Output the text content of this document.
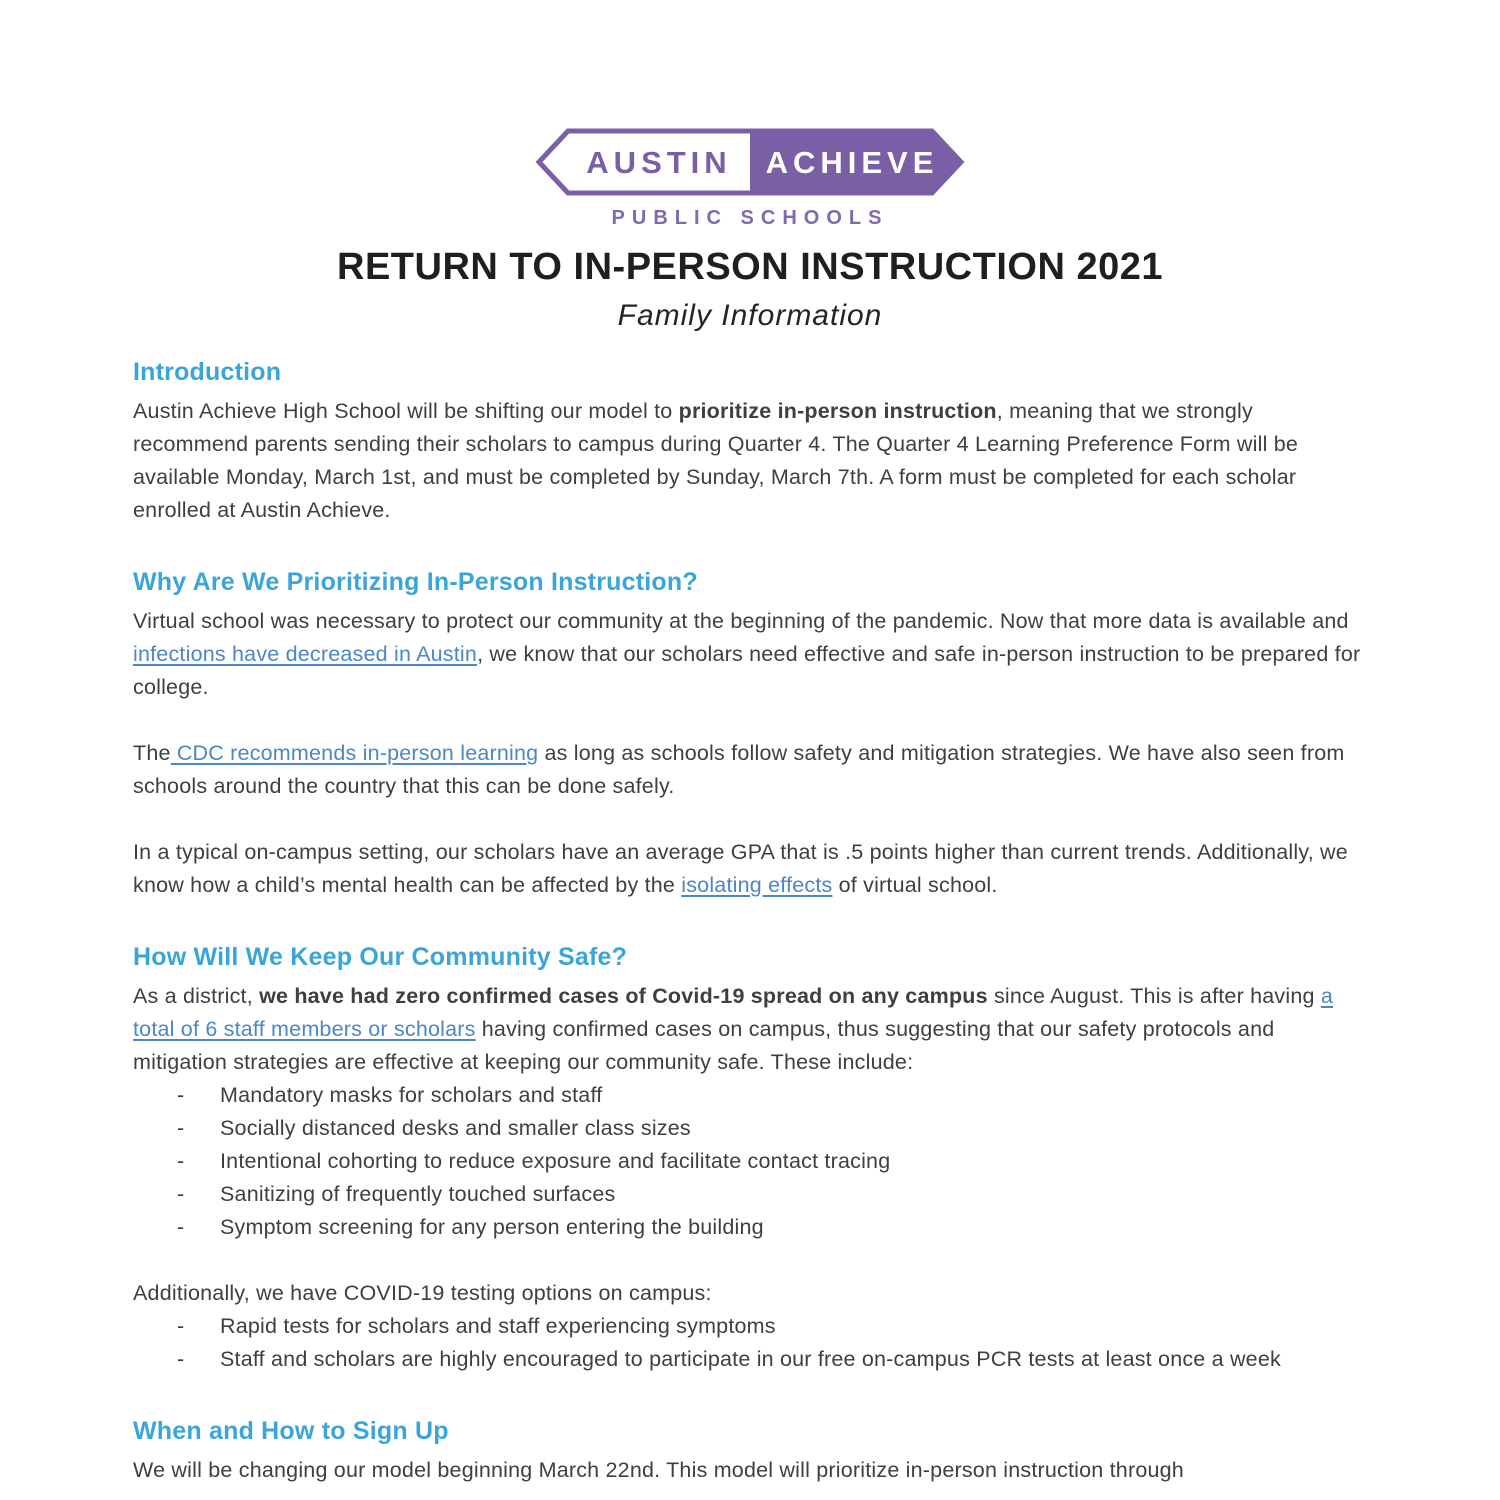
AUSTIN ACHIEVE
PUBLIC SCHOOLS
RETURN TO IN-PERSON INSTRUCTION 2021
Family Information
Introduction

Austin Achieve High School will be shifting our model to prioritize in-person instruction, meaning that we strongly recommend parents sending their scholars to campus during Quarter 4. The Quarter 4 Learning Preference Form will be available Monday, March 1st, and must be completed by Sunday, March 7th. A form must be completed for each scholar enrolled at Austin Achieve.

Why Are We Prioritizing In-Person Instruction?

Virtual school was necessary to protect our community at the beginning of the pandemic. Now that more data is available and infections have decreased in Austin, we know that our scholars need effective and safe in-person instruction to be prepared for college.

The CDC recommends in-person learning as long as schools follow safety and mitigation strategies. We have also seen from schools around the country that this can be done safely.

In a typical on-campus setting, our scholars have an average GPA that is .5 points higher than current trends. Additionally, we know how a child’s mental health can be affected by the isolating effects of virtual school.

How Will We Keep Our Community Safe?

As a district, we have had zero confirmed cases of Covid-19 spread on any campus since August. This is after having a total of 6 staff members or scholars having confirmed cases on campus, thus suggesting that our safety protocols and mitigation strategies are effective at keeping our community safe. These include:

- Mandatory masks for scholars and staff
- Socially distanced desks and smaller class sizes
- Intentional cohorting to reduce exposure and facilitate contact tracing
- Sanitizing of frequently touched surfaces
- Symptom screening for any person entering the building

Additionally, we have COVID-19 testing options on campus:

- Rapid tests for scholars and staff experiencing symptoms
- Staff and scholars are highly encouraged to participate in our free on-campus PCR tests at least once a week
When and How to Sign Up

We will be changing our model beginning March 22nd. This model will prioritize in-person instruction through
